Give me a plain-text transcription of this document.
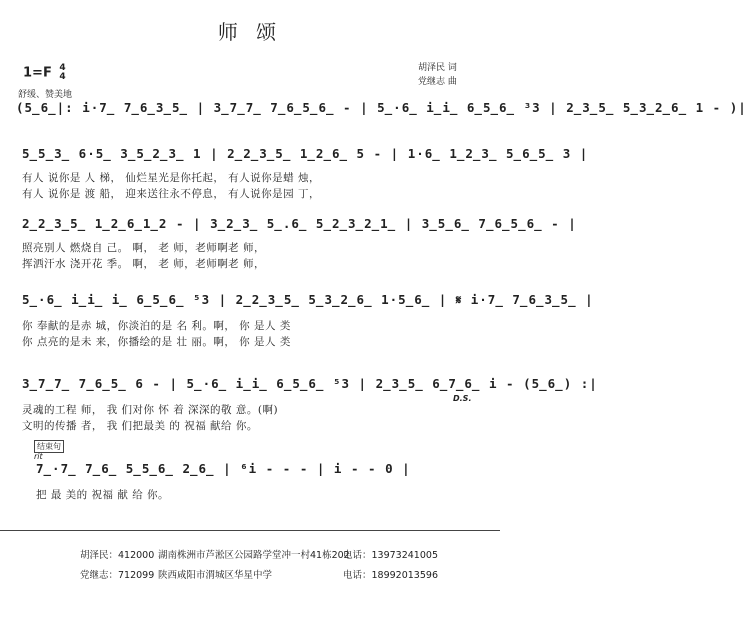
师 颂
胡泽民 词
党继志 曲
1=F 4
4
舒缓、赞美地
(5̲6̲|: i·7̲ 7̲6̲3̲5̲ | 3̲7̲7̲ 7̲6̲5̲6̲ - | 5̲·6̲ i̲i̲ 6̲5̲6̲ ³3 | 2̲3̲5̲ 5̲3̲2̲6̲ 1 - )|
5̲5̲3̲ 6·5̲ 3̲5̲2̲3̲ 1 | 2̲2̲3̲5̲ 1̲2̲6̲ 5 - | 1·6̲ 1̲2̲3̲ 5̲6̲5̲ 3 |
有人 说你是 人 梯， 仙烂星光是你托起， 有人说你是蜡 烛，
有人 说你是 渡 船， 迎来送往永不停息， 有人说你是园 丁，
2̲2̲3̲5̲ 1̲2̲6̲1̲2 - | 3̲2̲3̲ 5̲.6̲ 5̲2̲3̲2̲1̲ | 3̲5̲6̲ 7̲6̲5̲6̲ - |
照亮别人 燃烧自 己。 啊， 老 师，老师啊老 师，
挥洒汗水 浇开花 季。 啊， 老 师，老师啊老 师，
5̲·6̲ i̲i̲ i̲ 6̲5̲6̲ ⁵3 | 2̲2̲3̲5̲ 5̲3̲2̲6̲ 1·5̲6̲ | 𝄋 i·7̲ 7̲6̲3̲5̲ |
你 奉献的是赤 城，你淡泊的是 名 利。啊， 你 是人 类
你 点亮的是未 来，你播绘的是 壮 丽。啊， 你 是人 类
3̲7̲7̲ 7̲6̲5̲ 6 - | 5̲·6̲ i̲i̲ 6̲5̲6̲ ⁵3 | 2̲3̲5̲ 6̲7̲6̲ i - (5̲6̲) :|
灵魂的工程 师， 我 们对你 怀 着 深深的敬 意。(啊)
文明的传播 者， 我 们把最美 的 祝福 献给 你。
D.S.
结束句
rit
7̲·7̲ 7̲6̲ 5̲5̲6̲ 2̲6̲ | ⁶i - - - | i - - 0 |
把 最 美的 祝福 献 给 你。
胡泽民：412000 湖南株洲市芦淞区公园路学堂冲一村41栋202
电话：13973241005
党继志：712099 陕西咸阳市渭城区华星中学	电话：18992013596
